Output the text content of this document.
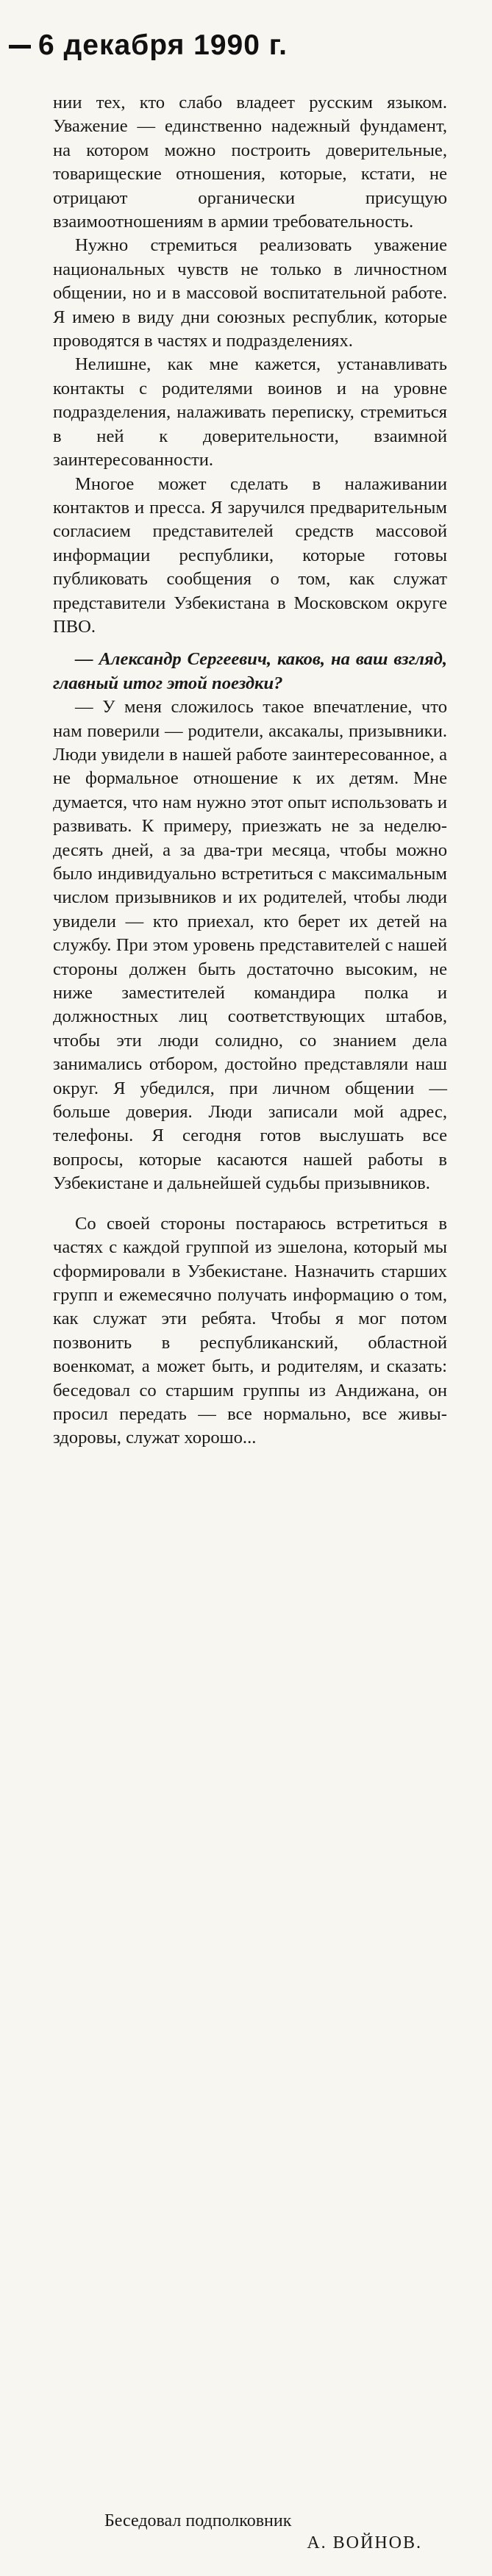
6 декабря 1990 г.

нии тех, кто слабо владеет русским языком. Уважение — единственно надежный фундамент, на котором можно построить доверительные, товарищеские отношения, которые, кстати, не отрицают органически присущую взаимоотношениям в армии требовательность.

Нужно стремиться реализовать уважение национальных чувств не только в личностном общении, но и в массовой воспитательной работе. Я имею в виду дни союзных республик, которые проводятся в частях и подразделениях.

Нелишне, как мне кажется, устанавливать контакты с родителями воинов и на уровне подразделения, налаживать переписку, стремиться в ней к доверительности, взаимной заинтересованности.

Многое может сделать в налаживании контактов и пресса. Я заручился предварительным согласием представителей средств массовой информации республики, которые готовы публиковать сообщения о том, как служат представители Узбекистана в Московском округе ПВО.

— Александр Сергеевич, каков, на ваш взгляд, главный итог этой поездки?

— У меня сложилось такое впечатление, что нам поверили — родители, аксакалы, призывники. Люди увидели в нашей работе заинтересованное, а не формальное отношение к их детям. Мне думается, что нам нужно этот опыт использовать и развивать. К примеру, приезжать не за неделю-десять дней, а за два-три месяца, чтобы можно было индивидуально встретиться с максимальным числом призывников и их родителей, чтобы люди увидели — кто приехал, кто берет их детей на службу. При этом уровень представителей с нашей стороны должен быть достаточно высоким, не ниже заместителей командира полка и должностных лиц соответствующих штабов, чтобы эти люди солидно, со знанием дела занимались отбором, достойно представляли наш округ. Я убедился, при личном общении — больше доверия. Люди записали мой адрес, телефоны. Я сегодня готов выслушать все вопросы, которые касаются нашей работы в Узбекистане и дальнейшей судьбы призывников.

Со своей стороны постараюсь встретиться в частях с каждой группой из эшелона, который мы сформировали в Узбекистане. Назначить старших групп и ежемесячно получать информацию о том, как служат эти ребята. Чтобы я мог потом позвонить в республиканский, областной военкомат, а может быть, и родителям, и сказать: беседовал со старшим группы из Андижана, он просил передать — все нормально, все живы-здоровы, служат хорошо...

Беседовал подполковник
А. ВОЙНОВ.
